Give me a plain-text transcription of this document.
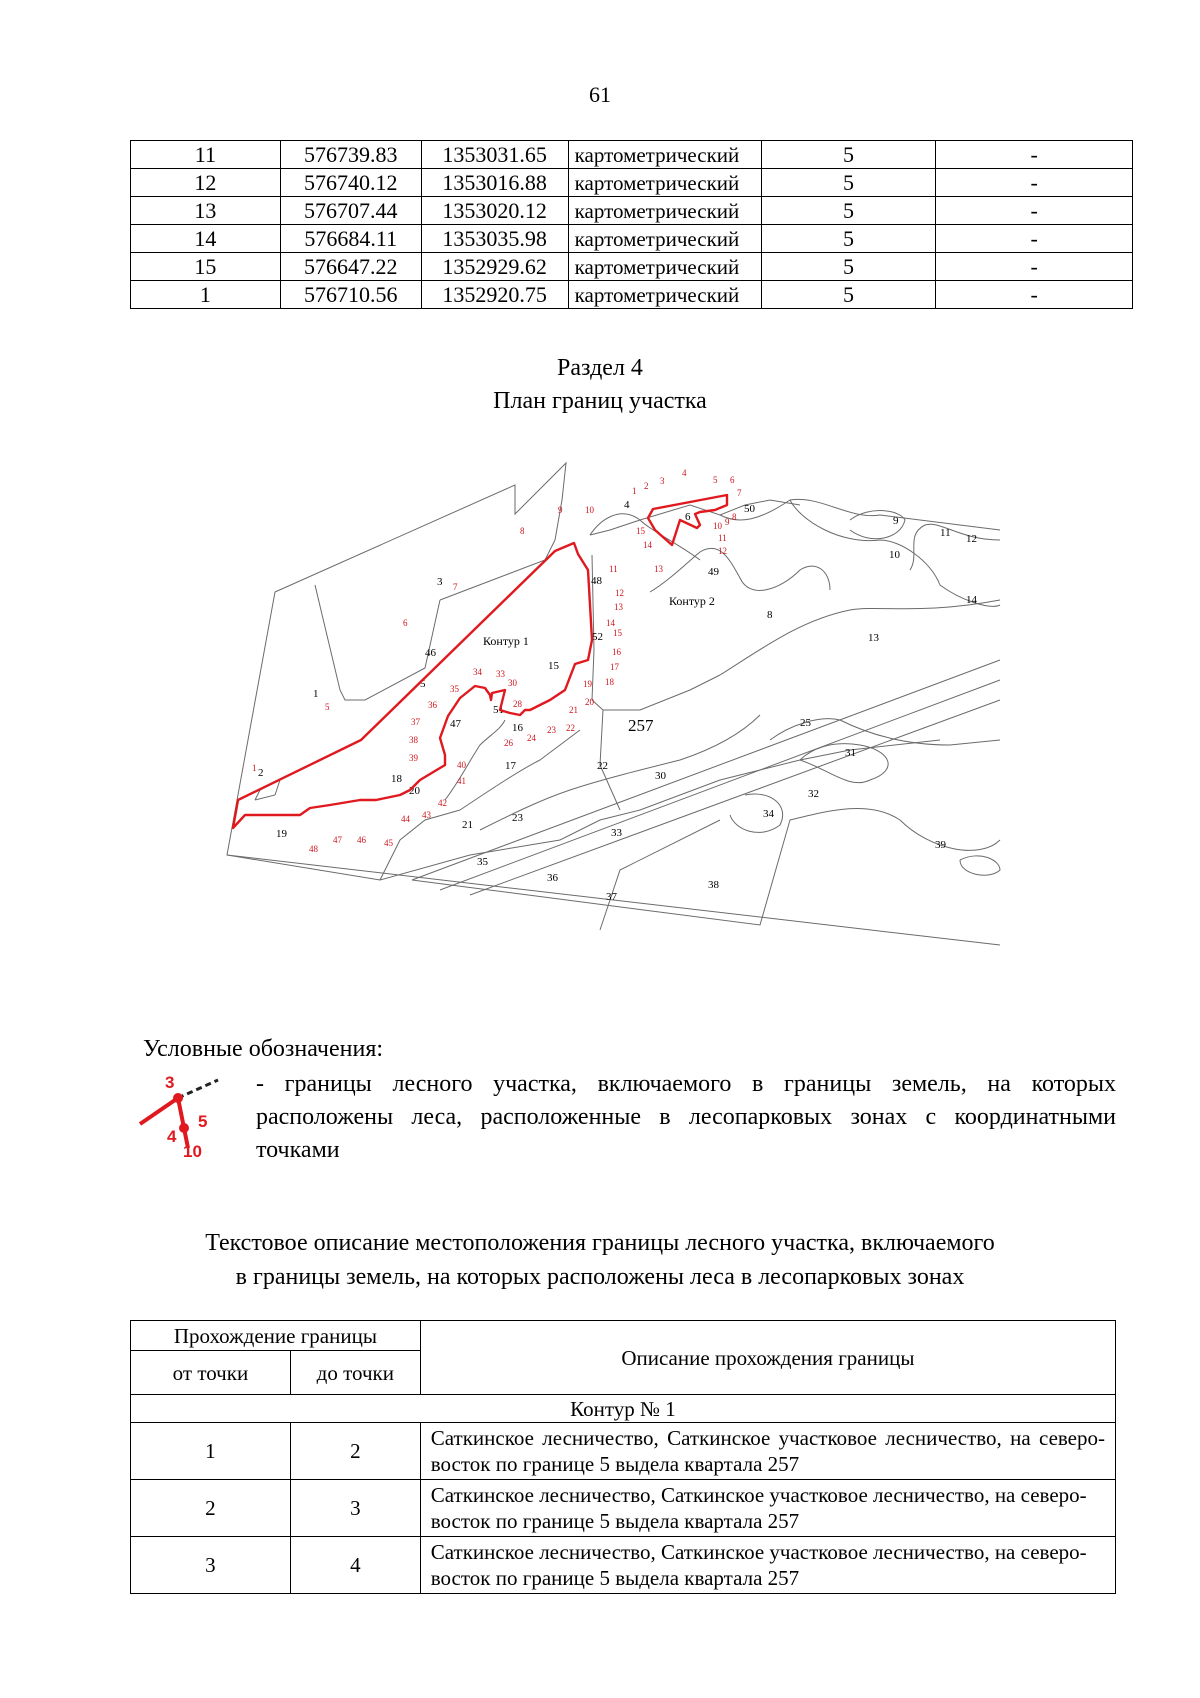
61
11	576739.83	1353031.65	картометрический	5	-
12	576740.12	1353016.88	картометрический	5	-
13	576707.44	1353020.12	картометрический	5	-
14	576684.11	1353035.98	картометрический	5	-
15	576647.22	1352929.62	картометрический	5	-
1	576710.56	1352920.75	картометрический	5	-
Раздел 4
План границ участка
1
2
3
4
5
6
8
9
10
11 12
13
14
15
16
17
18
19
20
21
22
23
25
30
31
32
33
34
35
36
37
38
39
46
47
48
49
50
51
52
Контур 1
Контур 2
257
48
47 46 45
44 43
42
41
40
39
38
37
36
35
34 33
30
28
26 24
23 22
21
20
19 18
17
16
15
14
13
12
11
10
9
8
7
6
5
1
1 2 3
4
5 6
7
8
9
10
11
12
13
14
15
Условные обозначения:
3
5
4
10
- границы лесного участка, включаемого в границы земель, на которых расположены леса, расположенные в лесопарковых зонах с координатными точками
Текстовое описание местоположения границы лесного участка, включаемого
в границы земель, на которых расположены леса в лесопарковых зонах
Прохождение границы		Описание прохождения границы
от точки	до точки	
Контур № 1		
1	2	Саткинское лесничество, Саткинское участковое лесничество, на северо-восток по границе 5 выдела квартала 257
2	3	Саткинское лесничество, Саткинское участковое лесничество, на северо-восток по границе 5 выдела квартала 257
3	4	Саткинское лесничество, Саткинское участковое лесничество, на северо-восток по границе 5 выдела квартала 257
